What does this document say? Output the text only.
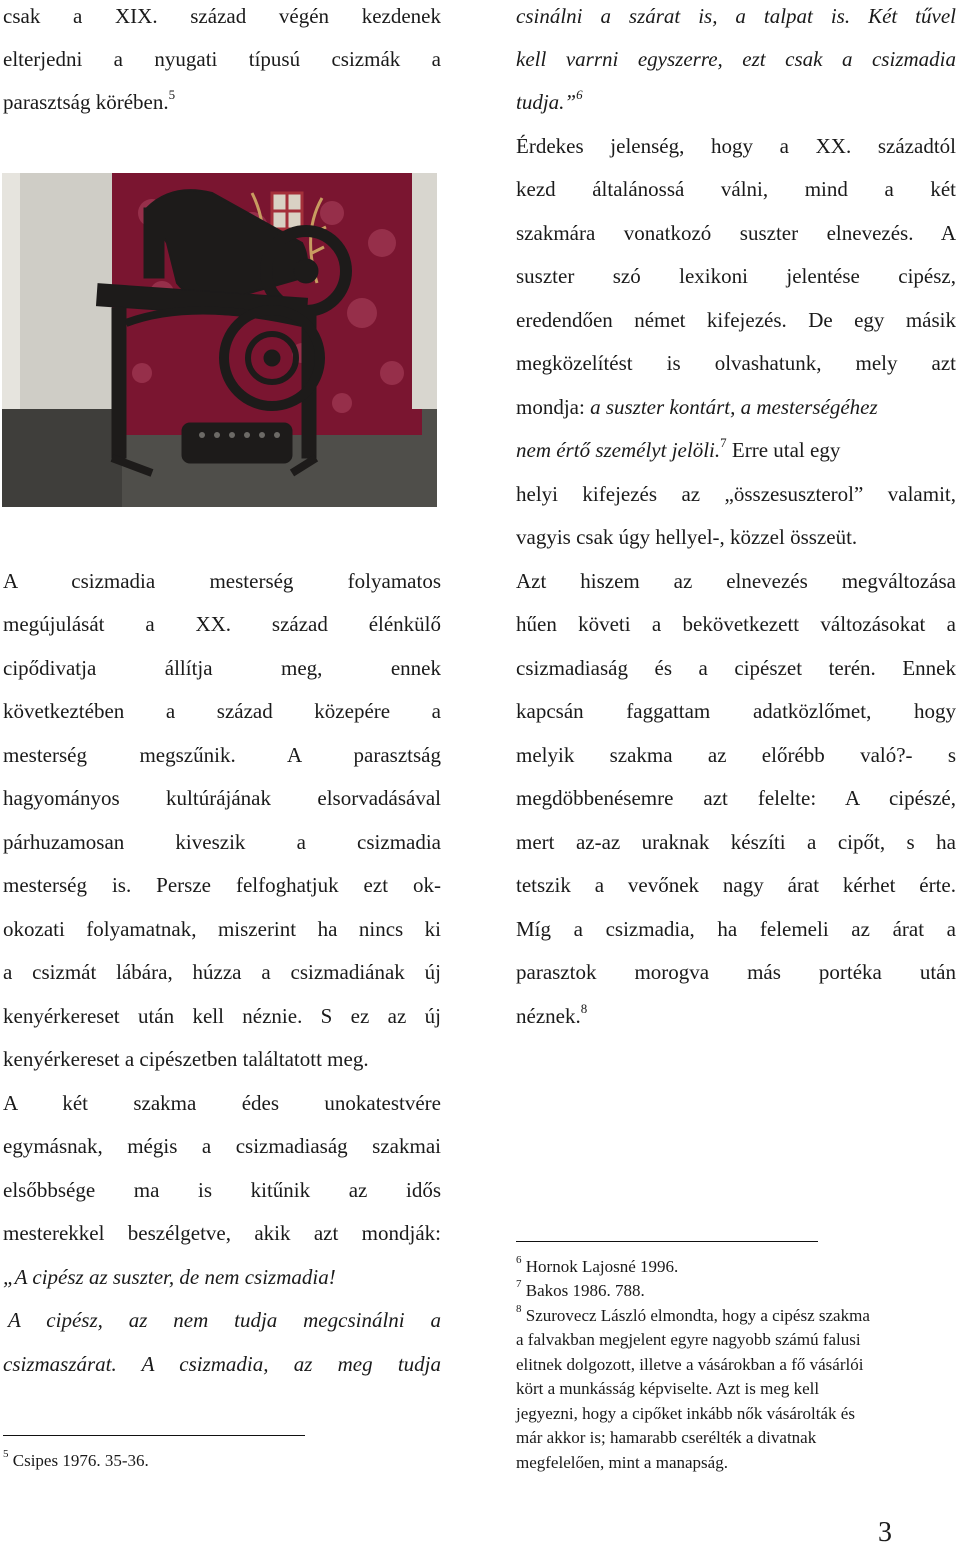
csak a XIX. század végén kezdenek
elterjedni a nyugati típusú csizmák a
parasztság körében.$^5$
A csizmadia mesterség folyamatos
megújulását a XX. század élénkülő
cipődivatja állítja meg, ennek
következtében a század közepére a
mesterség megszűnik. A parasztság
hagyományos kultúrájának elsorvadásával
párhuzamosan kiveszik a csizmadia
mesterség is. Persze felfoghatjuk ezt ok-
okozati folyamatnak, miszerint ha nincs ki
a csizmát lábára, húzza a csizmadiának új
kenyérkereset után kell néznie. S ez az új
kenyérkereset a cipészetben találtatott meg.
A két szakma édes unokatestvére
egymásnak, mégis a csizmadiaság szakmai
elsőbbsége ma is kitűnik az idős
mesterekkel beszélgetve, akik azt mondják:
„A cipész az suszter, de nem csizmadia!
A cipész, az nem tudja megcsinálni a
csizmaszárat. A csizmadia, az meg tudja
$^5$ Csipes 1976. 35-36.
csinálni a szárat is, a talpat is. Két tűvel
kell varrni egyszerre, ezt csak a csizmadia
tudja.”$^6$
Érdekes jelenség, hogy a XX. századtól
kezd általánossá válni, mind a két
szakmára vonatkozó suszter elnevezés. A
suszter szó lexikoni jelentése cipész,
eredendően német kifejezés. De egy másik
megközelítést is olvashatunk, mely azt
mondja: a suszter kontárt, a mesterségéhez
nem értő személyt jelöli.$^7$ Erre utal egy
helyi kifejezés az „összesuszterol” valamit,
vagyis csak úgy hellyel-, közzel összeüt.
Azt hiszem az elnevezés megváltozása
hűen követi a bekövetkezett változásokat a
csizmadiaság és a cipészet terén. Ennek
kapcsán faggattam adatközlőmet, hogy
melyik szakma az előrébb való?- s
megdöbbenésemre azt felelte: A cipészé,
mert az-az uraknak készíti a cipőt, s ha
tetszik a vevőnek nagy árat kérhet érte.
Míg a csizmadia, ha felemeli az árat a
parasztok morogva más portéka után
néznek.$^8$
$^6$ Hornok Lajosné 1996.
$^7$ Bakos 1986. 788.
$^8$ Szurovecz László elmondta, hogy a cipész szakma
a falvakban megjelent egyre nagyobb számú falusi
elitnek dolgozott, illetve a vásárokban a fő vásárlói
kört a munkásság képviselte. Azt is meg kell
jegyezni, hogy a cipőket inkább nők vásárolták és
már akkor is; hamarabb cserélték a divatnak
megfelelően, mint a manapság.
3
